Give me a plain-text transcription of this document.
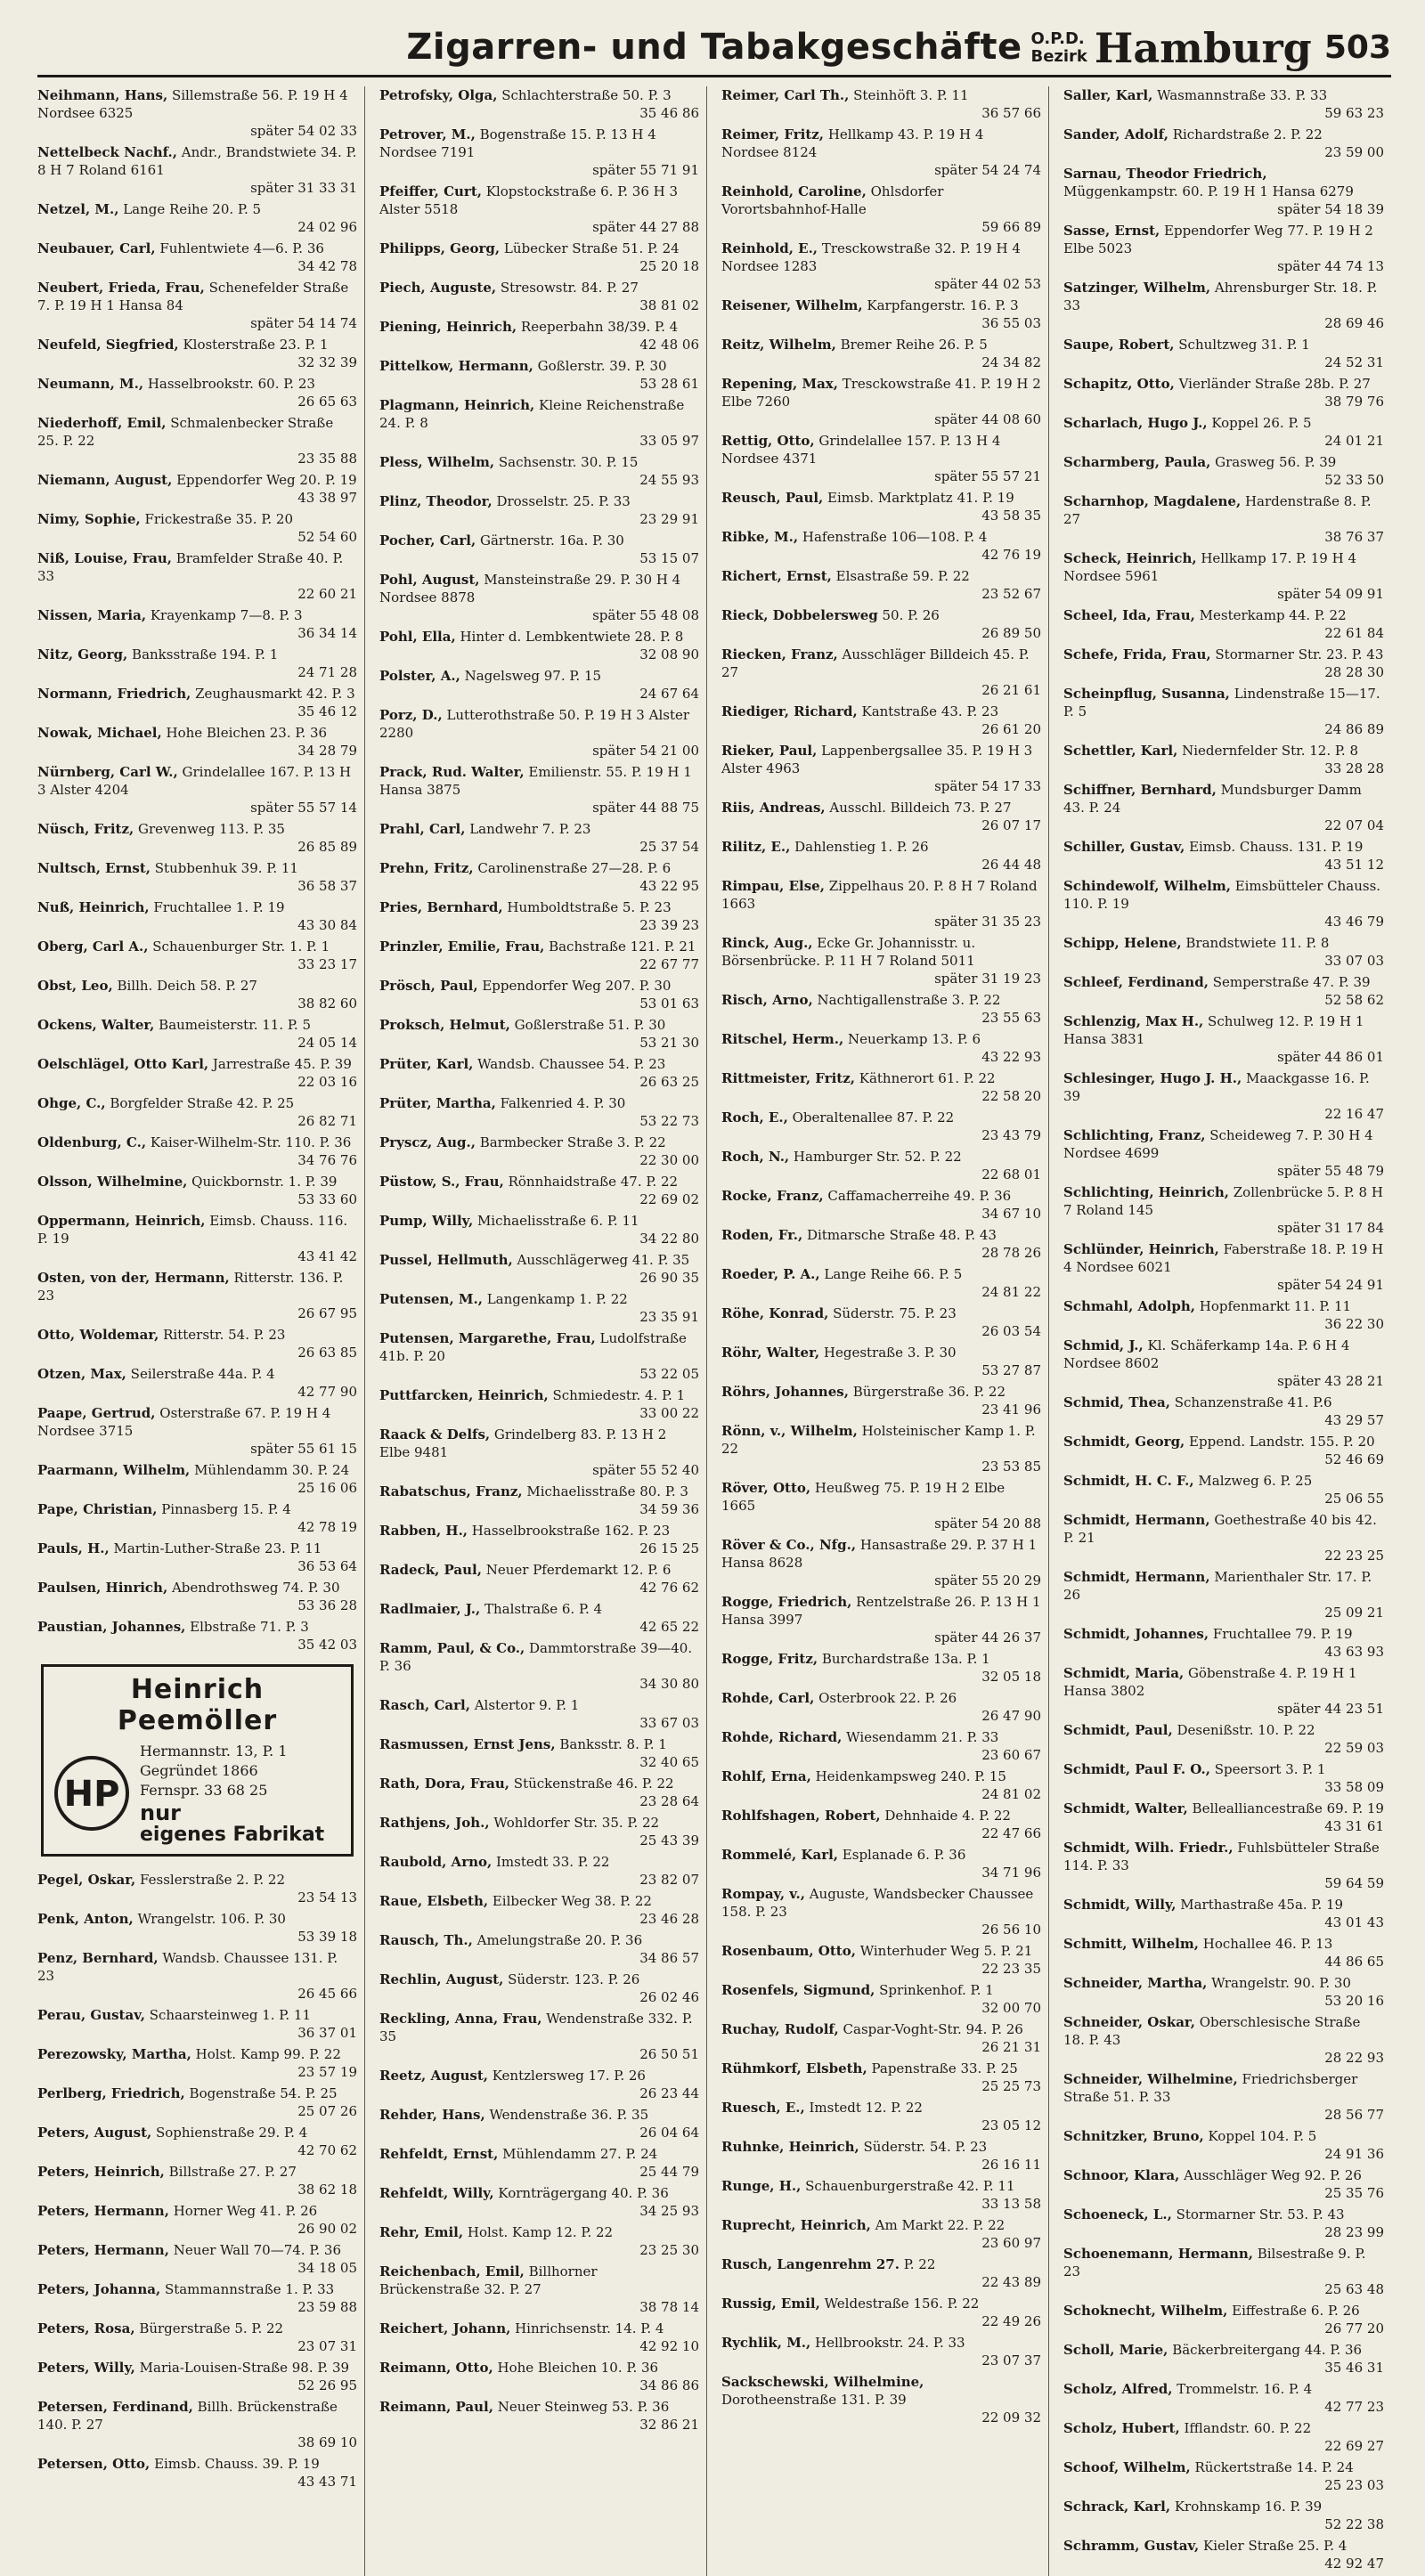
Zigarren- und Tabakgeschäfte O.P.D.
Bezirk Hamburg 503
Neihmann, Hans, Sillemstraße 56. P. 19 H 4 Nordsee 6325
später 54 02 33
Nettelbeck Nachf., Andr., Brandstwiete 34. P. 8 H 7 Roland 6161
später 31 33 31
Netzel, M., Lange Reihe 20. P. 5
24 02 96
Neubauer, Carl, Fuhlentwiete 4—6. P. 36
34 42 78
Neubert, Frieda, Frau, Schenefelder Straße 7. P. 19 H 1 Hansa 84
später 54 14 74
Neufeld, Siegfried, Klosterstraße 23. P. 1
32 32 39
Neumann, M., Hasselbrookstr. 60. P. 23
26 65 63
Niederhoff, Emil, Schmalenbecker Straße 25. P. 22
23 35 88
Niemann, August, Eppendorfer Weg 20. P. 19
43 38 97
Nimy, Sophie, Frickestraße 35. P. 20
52 54 60
Niß, Louise, Frau, Bramfelder Straße 40. P. 33
22 60 21
Nissen, Maria, Krayenkamp 7—8. P. 3
36 34 14
Nitz, Georg, Banksstraße 194. P. 1
24 71 28
Normann, Friedrich, Zeughausmarkt 42. P. 3
35 46 12
Nowak, Michael, Hohe Bleichen 23. P. 36
34 28 79
Nürnberg, Carl W., Grindelallee 167. P. 13 H 3 Alster 4204
später 55 57 14
Nüsch, Fritz, Grevenweg 113. P. 35
26 85 89
Nultsch, Ernst, Stubbenhuk 39. P. 11
36 58 37
Nuß, Heinrich, Fruchtallee 1. P. 19
43 30 84
Oberg, Carl A., Schauenburger Str. 1. P. 1
33 23 17
Obst, Leo, Billh. Deich 58. P. 27
38 82 60
Ockens, Walter, Baumeisterstr. 11. P. 5
24 05 14
Oelschlägel, Otto Karl, Jarrestraße 45. P. 39
22 03 16
Ohge, C., Borgfelder Straße 42. P. 25
26 82 71
Oldenburg, C., Kaiser-Wilhelm-Str. 110. P. 36
34 76 76
Olsson, Wilhelmine, Quickbornstr. 1. P. 39
53 33 60
Oppermann, Heinrich, Eimsb. Chauss. 116. P. 19
43 41 42
Osten, von der, Hermann, Ritterstr. 136. P. 23
26 67 95
Otto, Woldemar, Ritterstr. 54. P. 23
26 63 85
Otzen, Max, Seilerstraße 44a. P. 4
42 77 90
Paape, Gertrud, Osterstraße 67. P. 19 H 4 Nordsee 3715
später 55 61 15
Paarmann, Wilhelm, Mühlendamm 30. P. 24
25 16 06
Pape, Christian, Pinnasberg 15. P. 4
42 78 19
Pauls, H., Martin-Luther-Straße 23. P. 11
36 53 64
Paulsen, Hinrich, Abendrothsweg 74. P. 30
53 36 28
Paustian, Johannes, Elbstraße 71. P. 3
35 42 03
Heinrich Peemöller
HP
Hermannstr. 13, P. 1
Gegründet 1866
Fernspr. 33 68 25
nur
eigenes Fabrikat
Pegel, Oskar, Fesslerstraße 2. P. 22
23 54 13
Penk, Anton, Wrangelstr. 106. P. 30
53 39 18
Penz, Bernhard, Wandsb. Chaussee 131. P. 23
26 45 66
Perau, Gustav, Schaarsteinweg 1. P. 11
36 37 01
Perezowsky, Martha, Holst. Kamp 99. P. 22
23 57 19
Perlberg, Friedrich, Bogenstraße 54. P. 25
25 07 26
Peters, August, Sophienstraße 29. P. 4
42 70 62
Peters, Heinrich, Billstraße 27. P. 27
38 62 18
Peters, Hermann, Horner Weg 41. P. 26
26 90 02
Peters, Hermann, Neuer Wall 70—74. P. 36
34 18 05
Peters, Johanna, Stammannstraße 1. P. 33
23 59 88
Peters, Rosa, Bürgerstraße 5. P. 22
23 07 31
Peters, Willy, Maria-Louisen-Straße 98. P. 39
52 26 95
Petersen, Ferdinand, Billh. Brückenstraße 140. P. 27
38 69 10
Petersen, Otto, Eimsb. Chauss. 39. P. 19
43 43 71
Petrofsky, Olga, Schlachterstraße 50. P. 3
35 46 86
Petrover, M., Bogenstraße 15. P. 13 H 4 Nordsee 7191
später 55 71 91
Pfeiffer, Curt, Klopstockstraße 6. P. 36 H 3 Alster 5518
später 44 27 88
Philipps, Georg, Lübecker Straße 51. P. 24
25 20 18
Piech, Auguste, Stresowstr. 84. P. 27
38 81 02
Piening, Heinrich, Reeperbahn 38/39. P. 4
42 48 06
Pittelkow, Hermann, Goßlerstr. 39. P. 30
53 28 61
Plagmann, Heinrich, Kleine Reichenstraße 24. P. 8
33 05 97
Pless, Wilhelm, Sachsenstr. 30. P. 15
24 55 93
Plinz, Theodor, Drosselstr. 25. P. 33
23 29 91
Pocher, Carl, Gärtnerstr. 16a. P. 30
53 15 07
Pohl, August, Mansteinstraße 29. P. 30 H 4 Nordsee 8878
später 55 48 08
Pohl, Ella, Hinter d. Lembkentwiete 28. P. 8
32 08 90
Polster, A., Nagelsweg 97. P. 15
24 67 64
Porz, D., Lutterothstraße 50. P. 19 H 3 Alster 2280
später 54 21 00
Prack, Rud. Walter, Emilienstr. 55. P. 19 H 1 Hansa 3875
später 44 88 75
Prahl, Carl, Landwehr 7. P. 23
25 37 54
Prehn, Fritz, Carolinenstraße 27—28. P. 6
43 22 95
Pries, Bernhard, Humboldtstraße 5. P. 23
23 39 23
Prinzler, Emilie, Frau, Bachstraße 121. P. 21
22 67 77
Prösch, Paul, Eppendorfer Weg 207. P. 30
53 01 63
Proksch, Helmut, Goßlerstraße 51. P. 30
53 21 30
Prüter, Karl, Wandsb. Chaussee 54. P. 23
26 63 25
Prüter, Martha, Falkenried 4. P. 30
53 22 73
Pryscz, Aug., Barmbecker Straße 3. P. 22
22 30 00
Püstow, S., Frau, Rönnhaidstraße 47. P. 22
22 69 02
Pump, Willy, Michaelisstraße 6. P. 11
34 22 80
Pussel, Hellmuth, Ausschlägerweg 41. P. 35
26 90 35
Putensen, M., Langenkamp 1. P. 22
23 35 91
Putensen, Margarethe, Frau, Ludolfstraße 41b. P. 20
53 22 05
Puttfarcken, Heinrich, Schmiedestr. 4. P. 1
33 00 22
Raack & Delfs, Grindelberg 83. P. 13 H 2 Elbe 9481
später 55 52 40
Rabatschus, Franz, Michaelisstraße 80. P. 3
34 59 36
Rabben, H., Hasselbrookstraße 162. P. 23
26 15 25
Radeck, Paul, Neuer Pferdemarkt 12. P. 6
42 76 62
Radlmaier, J., Thalstraße 6. P. 4
42 65 22
Ramm, Paul, & Co., Dammtorstraße 39—40. P. 36
34 30 80
Rasch, Carl, Alstertor 9. P. 1
33 67 03
Rasmussen, Ernst Jens, Banksstr. 8. P. 1
32 40 65
Rath, Dora, Frau, Stückenstraße 46. P. 22
23 28 64
Rathjens, Joh., Wohldorfer Str. 35. P. 22
25 43 39
Raubold, Arno, Imstedt 33. P. 22
23 82 07
Raue, Elsbeth, Eilbecker Weg 38. P. 22
23 46 28
Rausch, Th., Amelungstraße 20. P. 36
34 86 57
Rechlin, August, Süderstr. 123. P. 26
26 02 46
Reckling, Anna, Frau, Wendenstraße 332. P. 35
26 50 51
Reetz, August, Kentzlersweg 17. P. 26
26 23 44
Rehder, Hans, Wendenstraße 36. P. 35
26 04 64
Rehfeldt, Ernst, Mühlendamm 27. P. 24
25 44 79
Rehfeldt, Willy, Kornträgergang 40. P. 36
34 25 93
Rehr, Emil, Holst. Kamp 12. P. 22
23 25 30
Reichenbach, Emil, Billhorner Brückenstraße 32. P. 27
38 78 14
Reichert, Johann, Hinrichsenstr. 14. P. 4
42 92 10
Reimann, Otto, Hohe Bleichen 10. P. 36
34 86 86
Reimann, Paul, Neuer Steinweg 53. P. 36
32 86 21
Reimer, Carl Th., Steinhöft 3. P. 11
36 57 66
Reimer, Fritz, Hellkamp 43. P. 19 H 4 Nordsee 8124
später 54 24 74
Reinhold, Caroline, Ohlsdorfer Vorortsbahnhof-Halle
59 66 89
Reinhold, E., Tresckowstraße 32. P. 19 H 4 Nordsee 1283
später 44 02 53
Reisener, Wilhelm, Karpfangerstr. 16. P. 3
36 55 03
Reitz, Wilhelm, Bremer Reihe 26. P. 5
24 34 82
Repening, Max, Tresckowstraße 41. P. 19 H 2 Elbe 7260
später 44 08 60
Rettig, Otto, Grindelallee 157. P. 13 H 4 Nordsee 4371
später 55 57 21
Reusch, Paul, Eimsb. Marktplatz 41. P. 19
43 58 35
Ribke, M., Hafenstraße 106—108. P. 4
42 76 19
Richert, Ernst, Elsastraße 59. P. 22
23 52 67
Rieck, Dobbelersweg 50. P. 26
26 89 50
Riecken, Franz, Ausschläger Billdeich 45. P. 27
26 21 61
Riediger, Richard, Kantstraße 43. P. 23
26 61 20
Rieker, Paul, Lappenbergsallee 35. P. 19 H 3 Alster 4963
später 54 17 33
Riis, Andreas, Ausschl. Billdeich 73. P. 27
26 07 17
Rilitz, E., Dahlenstieg 1. P. 26
26 44 48
Rimpau, Else, Zippelhaus 20. P. 8 H 7 Roland 1663
später 31 35 23
Rinck, Aug., Ecke Gr. Johannisstr. u. Börsenbrücke. P. 11 H 7 Roland 5011
später 31 19 23
Risch, Arno, Nachtigallenstraße 3. P. 22
23 55 63
Ritschel, Herm., Neuerkamp 13. P. 6
43 22 93
Rittmeister, Fritz, Käthnerort 61. P. 22
22 58 20
Roch, E., Oberaltenallee 87. P. 22
23 43 79
Roch, N., Hamburger Str. 52. P. 22
22 68 01
Rocke, Franz, Caffamacherreihe 49. P. 36
34 67 10
Roden, Fr., Ditmarsche Straße 48. P. 43
28 78 26
Roeder, P. A., Lange Reihe 66. P. 5
24 81 22
Röhe, Konrad, Süderstr. 75. P. 23
26 03 54
Röhr, Walter, Hegestraße 3. P. 30
53 27 87
Röhrs, Johannes, Bürgerstraße 36. P. 22
23 41 96
Rönn, v., Wilhelm, Holsteinischer Kamp 1. P. 22
23 53 85
Röver, Otto, Heußweg 75. P. 19 H 2 Elbe 1665
später 54 20 88
Röver & Co., Nfg., Hansastraße 29. P. 37 H 1 Hansa 8628
später 55 20 29
Rogge, Friedrich, Rentzelstraße 26. P. 13 H 1 Hansa 3997
später 44 26 37
Rogge, Fritz, Burchardstraße 13a. P. 1
32 05 18
Rohde, Carl, Osterbrook 22. P. 26
26 47 90
Rohde, Richard, Wiesendamm 21. P. 33
23 60 67
Rohlf, Erna, Heidenkampsweg 240. P. 15
24 81 02
Rohlfshagen, Robert, Dehnhaide 4. P. 22
22 47 66
Rommelé, Karl, Esplanade 6. P. 36
34 71 96
Rompay, v., Auguste, Wandsbecker Chaussee 158. P. 23
26 56 10
Rosenbaum, Otto, Winterhuder Weg 5. P. 21
22 23 35
Rosenfels, Sigmund, Sprinkenhof. P. 1
32 00 70
Ruchay, Rudolf, Caspar-Voght-Str. 94. P. 26
26 21 31
Rühmkorf, Elsbeth, Papenstraße 33. P. 25
25 25 73
Ruesch, E., Imstedt 12. P. 22
23 05 12
Ruhnke, Heinrich, Süderstr. 54. P. 23
26 16 11
Runge, H., Schauenburgerstraße 42. P. 11
33 13 58
Ruprecht, Heinrich, Am Markt 22. P. 22
23 60 97
Rusch, Langenrehm 27. P. 22
22 43 89
Russig, Emil, Weldestraße 156. P. 22
22 49 26
Rychlik, M., Hellbrookstr. 24. P. 33
23 07 37
Sackschewski, Wilhelmine, Dorotheenstraße 131. P. 39
22 09 32
Saller, Karl, Wasmannstraße 33. P. 33
59 63 23
Sander, Adolf, Richardstraße 2. P. 22
23 59 00
Sarnau, Theodor Friedrich, Müggenkampstr. 60. P. 19 H 1 Hansa 6279
später 54 18 39
Sasse, Ernst, Eppendorfer Weg 77. P. 19 H 2 Elbe 5023
später 44 74 13
Satzinger, Wilhelm, Ahrensburger Str. 18. P. 33
28 69 46
Saupe, Robert, Schultzweg 31. P. 1
24 52 31
Schapitz, Otto, Vierländer Straße 28b. P. 27
38 79 76
Scharlach, Hugo J., Koppel 26. P. 5
24 01 21
Scharmberg, Paula, Grasweg 56. P. 39
52 33 50
Scharnhop, Magdalene, Hardenstraße 8. P. 27
38 76 37
Scheck, Heinrich, Hellkamp 17. P. 19 H 4 Nordsee 5961
später 54 09 91
Scheel, Ida, Frau, Mesterkamp 44. P. 22
22 61 84
Schefe, Frida, Frau, Stormarner Str. 23. P. 43
28 28 30
Scheinpflug, Susanna, Lindenstraße 15—17. P. 5
24 86 89
Schettler, Karl, Niedernfelder Str. 12. P. 8
33 28 28
Schiffner, Bernhard, Mundsburger Damm 43. P. 24
22 07 04
Schiller, Gustav, Eimsb. Chauss. 131. P. 19
43 51 12
Schindewolf, Wilhelm, Eimsbütteler Chauss. 110. P. 19
43 46 79
Schipp, Helene, Brandstwiete 11. P. 8
33 07 03
Schleef, Ferdinand, Semperstraße 47. P. 39
52 58 62
Schlenzig, Max H., Schulweg 12. P. 19 H 1 Hansa 3831
später 44 86 01
Schlesinger, Hugo J. H., Maackgasse 16. P. 39
22 16 47
Schlichting, Franz, Scheideweg 7. P. 30 H 4 Nordsee 4699
später 55 48 79
Schlichting, Heinrich, Zollenbrücke 5. P. 8 H 7 Roland 145
später 31 17 84
Schlünder, Heinrich, Faberstraße 18. P. 19 H 4 Nordsee 6021
später 54 24 91
Schmahl, Adolph, Hopfenmarkt 11. P. 11
36 22 30
Schmid, J., Kl. Schäferkamp 14a. P. 6 H 4 Nordsee 8602
später 43 28 21
Schmid, Thea, Schanzenstraße 41. P.6
43 29 57
Schmidt, Georg, Eppend. Landstr. 155. P. 20
52 46 69
Schmidt, H. C. F., Malzweg 6. P. 25
25 06 55
Schmidt, Hermann, Goethestraße 40 bis 42. P. 21
22 23 25
Schmidt, Hermann, Marienthaler Str. 17. P. 26
25 09 21
Schmidt, Johannes, Fruchtallee 79. P. 19
43 63 93
Schmidt, Maria, Göbenstraße 4. P. 19 H 1 Hansa 3802
später 44 23 51
Schmidt, Paul, Desenißstr. 10. P. 22
22 59 03
Schmidt, Paul F. O., Speersort 3. P. 1
33 58 09
Schmidt, Walter, Bellealliancestraße 69. P. 19
43 31 61
Schmidt, Wilh. Friedr., Fuhlsbütteler Straße 114. P. 33
59 64 59
Schmidt, Willy, Marthastraße 45a. P. 19
43 01 43
Schmitt, Wilhelm, Hochallee 46. P. 13
44 86 65
Schneider, Martha, Wrangelstr. 90. P. 30
53 20 16
Schneider, Oskar, Oberschlesische Straße 18. P. 43
28 22 93
Schneider, Wilhelmine, Friedrichsberger Straße 51. P. 33
28 56 77
Schnitzker, Bruno, Koppel 104. P. 5
24 91 36
Schnoor, Klara, Ausschläger Weg 92. P. 26
25 35 76
Schoeneck, L., Stormarner Str. 53. P. 43
28 23 99
Schoenemann, Hermann, Bilsestraße 9. P. 23
25 63 48
Schoknecht, Wilhelm, Eiffestraße 6. P. 26
26 77 20
Scholl, Marie, Bäckerbreitergang 44. P. 36
35 46 31
Scholz, Alfred, Trommelstr. 16. P. 4
42 77 23
Scholz, Hubert, Ifflandstr. 60. P. 22
22 69 27
Schoof, Wilhelm, Rückertstraße 14. P. 24
25 23 03
Schrack, Karl, Krohnskamp 16. P. 39
52 22 38
Schramm, Gustav, Kieler Straße 25. P. 4
42 92 47
